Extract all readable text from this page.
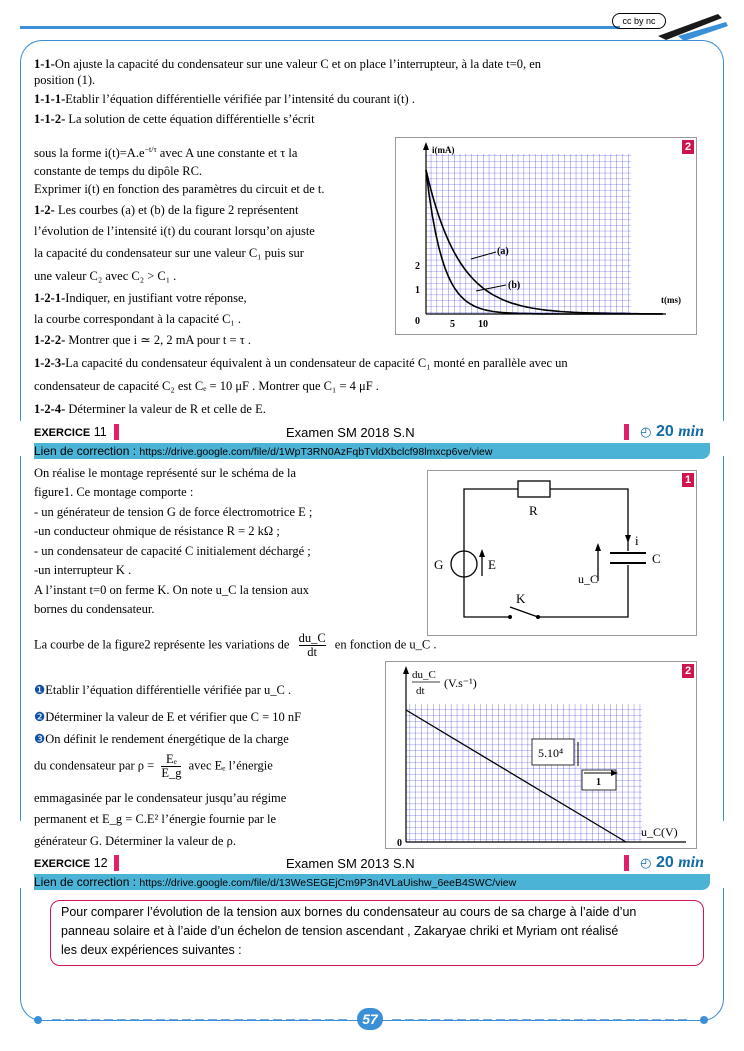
cc by nc
1-1-On ajuste la capacité du condensateur sur une valeur C et on place l’interrupteur, à la date t=0, en
position (1).
1-1-1-Etablir l’équation différentielle vérifiée par l’intensité du courant i(t) .
1-1-2- La solution de cette équation différentielle s’écrit
sous la forme $i(t)=A.e^{-t/\tau}$ avec A une constante et τ la
constante de temps du dipôle RC.
Exprimer i(t) en fonction des paramètres du circuit et de t.
1-2- Les courbes (a) et (b) de la figure 2 représentent
l’évolution de l’intensité i(t) du courant lorsqu’on ajuste
la capacité du condensateur sur une valeur C₁ puis sur
une valeur C₂ avec C₂ > C₁ .
1-2-1-Indiquer, en justifiant votre réponse,
la courbe correspondant à la capacité C₁ .
1-2-2- Montrer que i ≃ 2, 2 mA pour t = τ .
1-2-3-La capacité du condensateur équivalent à un condensateur de capacité C₁ monté en parallèle avec un
condensateur de capacité C₂ est Cₑ = 10 μF . Montrer que C₁ = 4 μF .
1-2-4- Déterminer la valeur de R et celle de E.
2
i(mA)
t(ms)
0	5 10
2
1
(a)
(b)
EXERCICE 11	Examen SM 2018 S.N	◴ 20 min
Lien de correction : https://drive.google.com/file/d/1WpT3RN0AzFqbTvldXbclcf98lmxcp6ve/view
On réalise le montage représenté sur le schéma de la
figure1. Ce montage comporte :
- un générateur de tension G de force électromotrice E ;
-un conducteur ohmique de résistance R = 2 kΩ ;
- un condensateur de capacité C initialement déchargé ;
-un interrupteur K .
A l’instant t=0 on ferme K. On note u_C la tension aux
bornes du condensateur.
La courbe de la figure2 représente les variations de $\frac{du\_C}{dt}$ en fonction de u_C .
❶Etablir l’équation différentielle vérifiée par u_C .
❷Déterminer la valeur de E et vérifier que C = 10 nF
❸On définit le rendement énergétique de la charge
du condensateur par $\rho = \frac{\text{Eₑ}}{E\_g}$ avec Eₑ l’énergie
emmagasinée par le condensateur jusqu’au régime
permanent et E_g = C.E² l’énergie fournie par le
générateur G. Déterminer la valeur de ρ.
1
R
G	E
i
u_C
C
K
2
du_C
dt
(V.s⁻¹)
u_C(V)
0
5.10⁴
1
EXERCICE 12	Examen SM 2013 S.N	◴ 20 min
Lien de correction : https://drive.google.com/file/d/13WeSEGEjCm9P3n4VLaUishw_6eeB4SWC/view
Pour comparer l’évolution de la tension aux bornes du condensateur au cours de sa charge à l’aide d’un
panneau solaire et à l’aide d’un échelon de tension ascendant , Zakaryae chriki et Myriam ont réalisé
les deux expériences suivantes :
57
